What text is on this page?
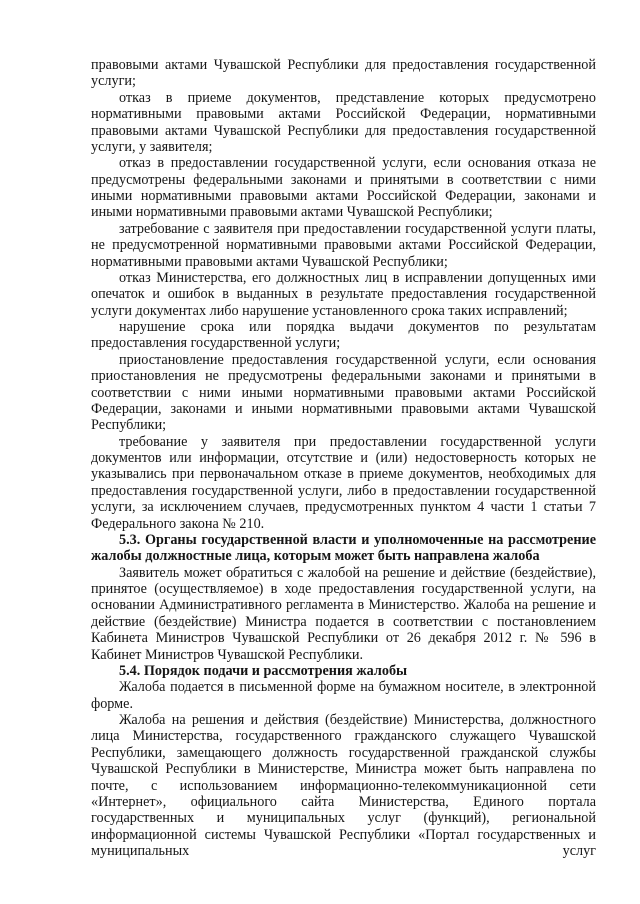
правовыми актами Чувашской Республики для предоставления государственной услуги;

отказ в приеме документов, представление которых предусмотрено нормативными правовыми актами Российской Федерации, нормативными правовыми актами Чувашской Республики для предоставления государственной услуги, у заявителя;

отказ в предоставлении государственной услуги, если основания отказа не предусмотрены федеральными законами и принятыми в соответствии с ними иными нормативными правовыми актами Российской Федерации, законами и иными нормативными правовыми актами Чувашской Республики;

затребование с заявителя при предоставлении государственной услуги платы, не предусмотренной нормативными правовыми актами Российской Федерации, нормативными правовыми актами Чувашской Республики;

отказ Министерства, его должностных лиц в исправлении допущенных ими опечаток и ошибок в выданных в результате предоставления государственной услуги документах либо нарушение установленного срока таких исправлений;

нарушение срока или порядка выдачи документов по результатам предоставления государственной услуги;

приостановление предоставления государственной услуги, если основания приостановления не предусмотрены федеральными законами и принятыми в соответствии с ними иными нормативными правовыми актами Российской Федерации, законами и иными нормативными правовыми актами Чувашской Республики;

требование у заявителя при предоставлении государственной услуги документов или информации, отсутствие и (или) недостоверность которых не указывались при первоначальном отказе в приеме документов, необходимых для предоставления государственной услуги, либо в предоставлении государственной услуги, за исключением случаев, предусмотренных пунктом 4 части 1 статьи 7 Федерального закона № 210.

5.3. Органы государственной власти и уполномоченные на рассмотрение жалобы должностные лица, которым может быть направлена жалоба

Заявитель может обратиться с жалобой на решение и действие (бездействие), принятое (осуществляемое) в ходе предоставления государственной услуги, на основании Административного регламента в Министерство. Жалоба на решение и действие (бездействие) Министра подается в соответствии с постановлением Кабинета Министров Чувашской Республики от 26 декабря 2012 г. № 596 в Кабинет Министров Чувашской Республики.

5.4. Порядок подачи и рассмотрения жалобы

Жалоба подается в письменной форме на бумажном носителе, в электронной форме.

Жалоба на решения и действия (бездействие) Министерства, должностного лица Министерства, государственного гражданского служащего Чувашской Республики, замещающего должность государственной гражданской службы Чувашской Республики в Министерстве, Министра может быть направлена по почте, с использованием информационно-телекоммуникационной сети «Интернет», официального сайта Министерства, Единого портала государственных и муниципальных услуг (функций), региональной информационной системы Чувашской Республики «Портал государственных и муниципальных услуг
